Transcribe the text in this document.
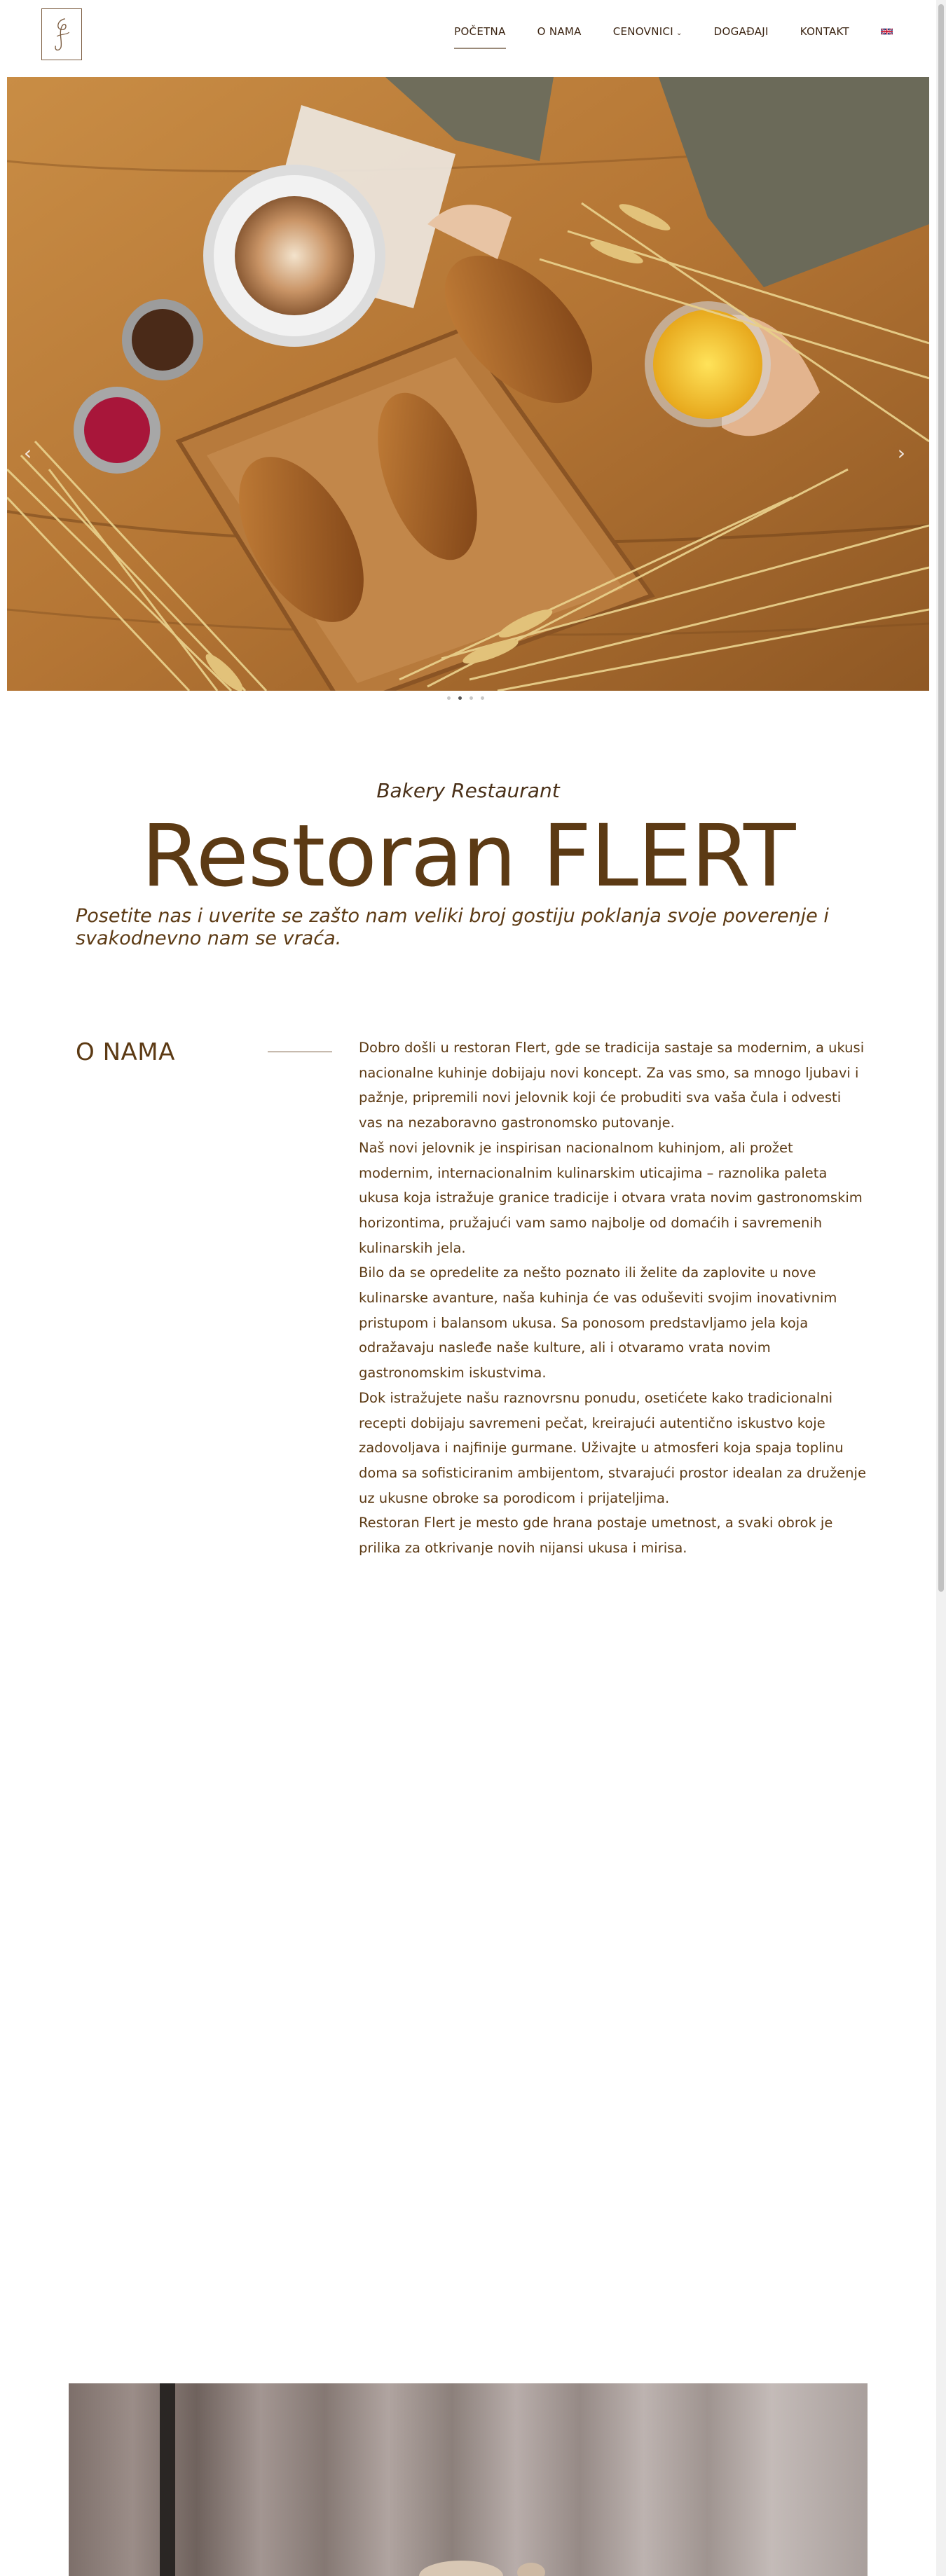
POČETNA	O NAMA	CENOVNICI ⌄	DOGAĐAJI	KONTAKT
‹	›
Bakery Restaurant
Restoran FLERT
Posetite nas i uverite se zašto nam veliki broj gostiju poklanja svoje poverenje i svakodnevno nam se vraća.
O NAMA	Dobro došli u restoran Flert, gde se tradicija sastaje sa modernim, a ukusi nacionalne kuhinje dobijaju novi koncept. Za vas smo, sa mnogo ljubavi i pažnje, pripremili novi jelovnik koji će probuditi sva vaša čula i odvesti vas na nezaboravno gastronomsko putovanje.

Naš novi jelovnik je inspirisan nacionalnom kuhinjom, ali prožet modernim, internacionalnim kulinarskim uticajima – raznolika paleta ukusa koja istražuje granice tradicije i otvara vrata novim gastronomskim horizontima, pružajući vam samo najbolje od domaćih i savremenih kulinarskih jela.

Bilo da se opredelite za nešto poznato ili želite da zaplovite u nove kulinarske avanture, naša kuhinja će vas oduševiti svojim inovativnim pristupom i balansom ukusa. Sa ponosom predstavljamo jela koja odražavaju nasleđe naše kulture, ali i otvaramo vrata novim gastronomskim iskustvima.

Dok istražujete našu raznovrsnu ponudu, osetićete kako tradicionalni recepti dobijaju savremeni pečat, kreirajući autentično iskustvo koje zadovoljava i najfinije gurmane. Uživajte u atmosferi koja spaja toplinu doma sa sofisticiranim ambijentom, stvarajući prostor idealan za druženje uz ukusne obroke sa porodicom i prijateljima.

Restoran Flert je mesto gde hrana postaje umetnost, a svaki obrok je prilika za otkrivanje novih nijansi ukusa i mirisa.
